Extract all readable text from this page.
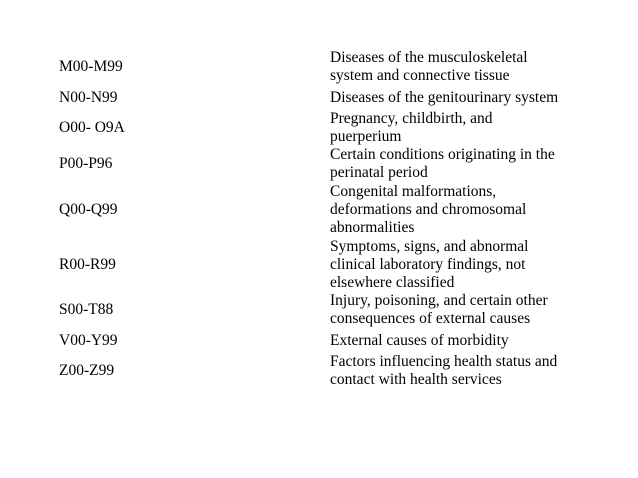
M00-M99	Diseases of the musculoskeletal
system and connective tissue
N00-N99	Diseases of the genitourinary system
O00- O9A	Pregnancy, childbirth, and
puerperium
P00-P96	Certain conditions originating in the
perinatal period
Q00-Q99	Congenital malformations,
deformations and chromosomal
abnormalities
R00-R99	Symptoms, signs, and abnormal
clinical laboratory findings, not
elsewhere classified
S00-T88	Injury, poisoning, and certain other
consequences of external causes
V00-Y99	External causes of morbidity
Z00-Z99	Factors influencing health status and
contact with health services
